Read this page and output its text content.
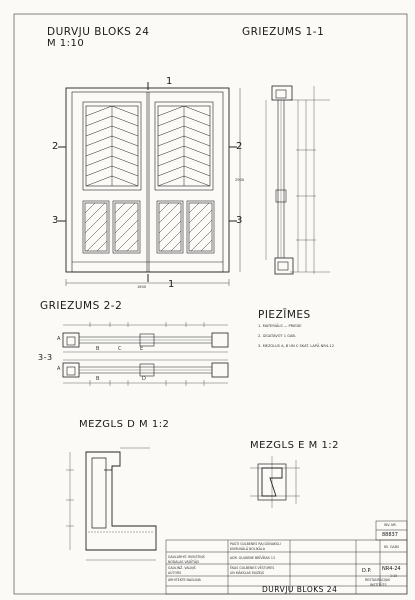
DURVJU BLOKS 24
M 1:10
GRIEZUMS 1-1
1
1
2	2
3	3
1600
2900
GRIEZUMS 2-2
3-3
A
B	E
A
B
C
D
PIEZĪMES
1. MATERIĀLS — PRIEDE
2. IZGATAVOT 1 GAB.
3. MEZGLUS A, B UN C SKAT. LAPĀ NR4-12
MEZGLS D M 1:2
MEZGLS E M 1:2
PAGTI GULBENES RAJ DŪNAKSLI
KOMUNĀLĀ NOLIKĀLA
ADR. GULBENE BRĪVĪBAS 13
ĒKAS GULBENES VĒSTURES
UN MĀKSLAS MUZEJS
GALV.ARHIT. RIEKSTIŅŠ
NODAĻAS VADĪTĀJS
GALV.INŽ. VALIŅŠ
AUTORS
ARHITEKTE NAGLIŅA
D.P. NR4-24
1:10
88837
INV. NR.
85. GADS
DURVJU BLOKS 24
RESTAURĀCIJAS
INSTITŪTS
